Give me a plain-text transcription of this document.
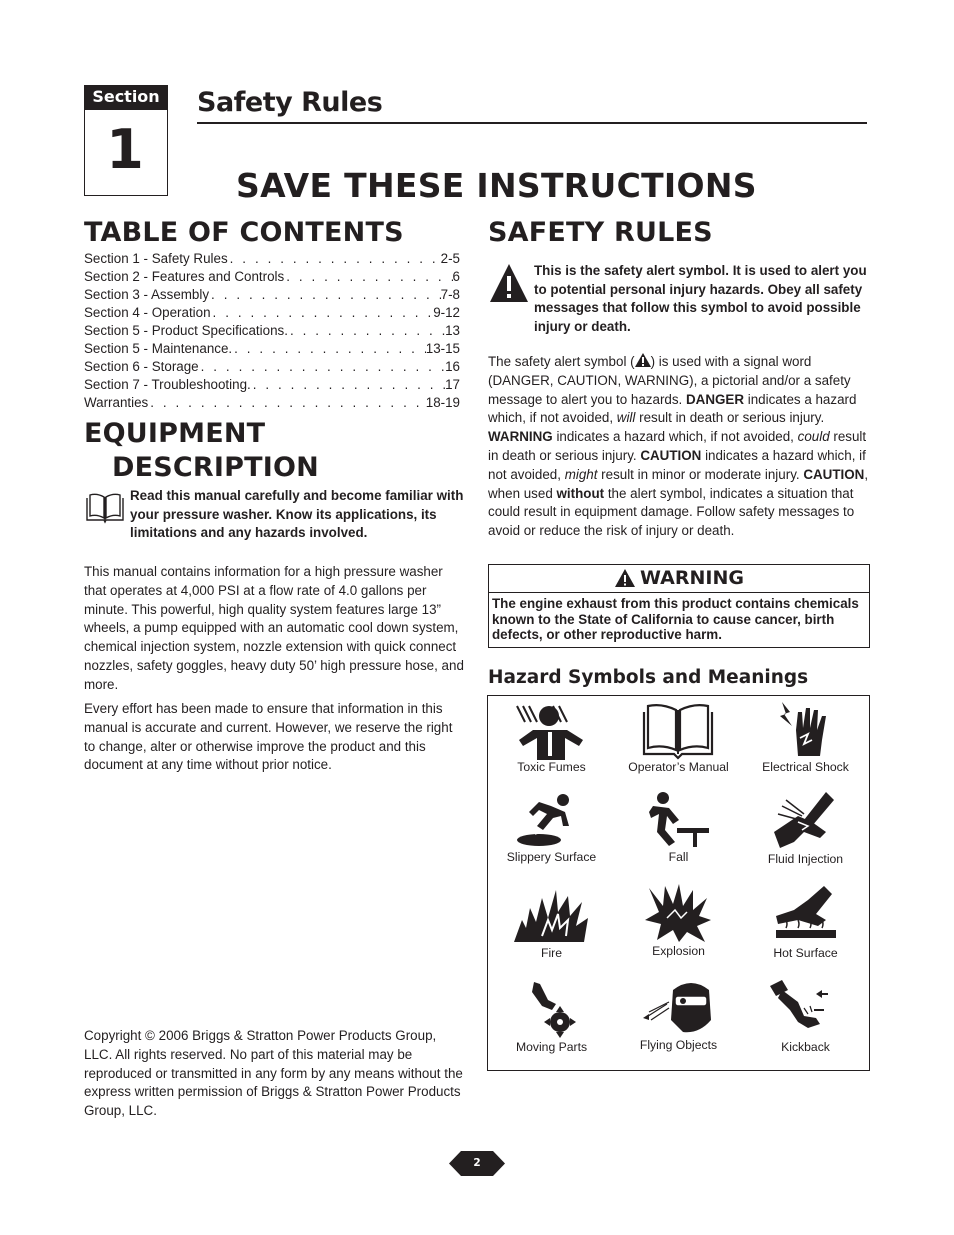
Section
1
Safety Rules
SAVE THESE INSTRUCTIONS
TABLE OF CONTENTS
Section 1 - Safety Rules . . .	2-5
Section 2 - Features and Controls . . .	6
Section 3 - Assembly . . .	7-8
Section 4 - Operation . . .	9-12
Section 5 - Product Specifications. . . .	13
Section 5 - Maintenance. . . .	13-15
Section 6 - Storage . . .	16
Section 7 - Troubleshooting. . . .	17
Warranties . . .	18-19
EQUIPMENT
DESCRIPTION
Read this manual carefully and become familiar with your pressure washer. Know its applications, its limitations and any hazards involved.
This manual contains information for a high pressure washer that operates at 4,000 PSI at a flow rate of 4.0 gallons per minute. This powerful, high quality system features large 13” wheels, a pump equipped with an automatic cool down system, chemical injection system, nozzle extension with quick connect nozzles, safety goggles, heavy duty 50’ high pressure hose, and more.
Every effort has been made to ensure that information in this manual is accurate and current. However, we reserve the right to change, alter or otherwise improve the product and this document at any time without prior notice.
Copyright © 2006 Briggs & Stratton Power Products Group, LLC. All rights reserved. No part of this material may be reproduced or transmitted in any form by any means without the express written permission of Briggs & Stratton Power Products Group, LLC.
SAFETY RULES
This is the safety alert symbol. It is used to alert you to potential personal injury hazards. Obey all safety messages that follow this symbol to avoid possible injury or death.
The safety alert symbol ( ) is used with a signal word (DANGER, CAUTION, WARNING), a pictorial and/or a safety message to alert you to hazards. DANGER indicates a hazard which, if not avoided, will result in death or serious injury. WARNING indicates a hazard which, if not avoided, could result in death or serious injury. CAUTION indicates a hazard which, if not avoided, might result in minor or moderate injury. CAUTION, when used without the alert symbol, indicates a situation that could result in equipment damage. Follow safety messages to avoid or reduce the risk of injury or death.
WARNING
The engine exhaust from this product contains chemicals known to the State of California to cause cancer, birth defects, or other reproductive harm.
Hazard Symbols and Meanings
Toxic Fumes	Operator’s Manual	Electrical Shock
Slippery Surface	Fall	Fluid Injection
Fire	Explosion	Hot Surface
Moving Parts	Flying Objects	Kickback
2
